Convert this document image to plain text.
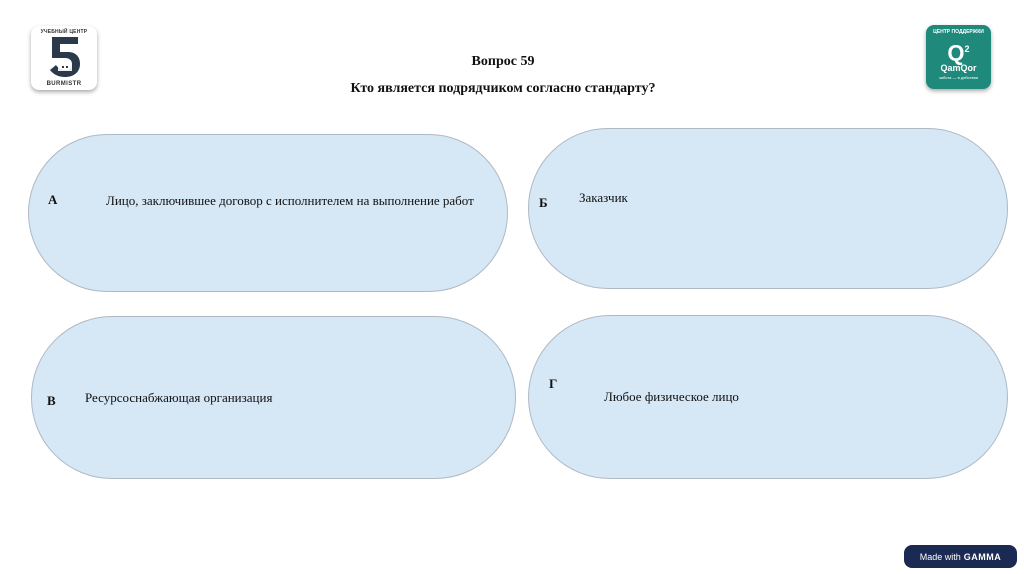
УЧЕБНЫЙ ЦЕНТР
BURMISTR
ЦЕНТР ПОДДЕРЖКИ
$Q^2$
QamQor
забота — в действии
Вопрос 59
Кто является подрядчиком согласно стандарту?
А	Лицо, заключившее договор с исполнителем на выполнение работ	Б Заказчик
В Ресурсоснабжающая организация
Г
Любое физическое лицо
Made with GAMMA
